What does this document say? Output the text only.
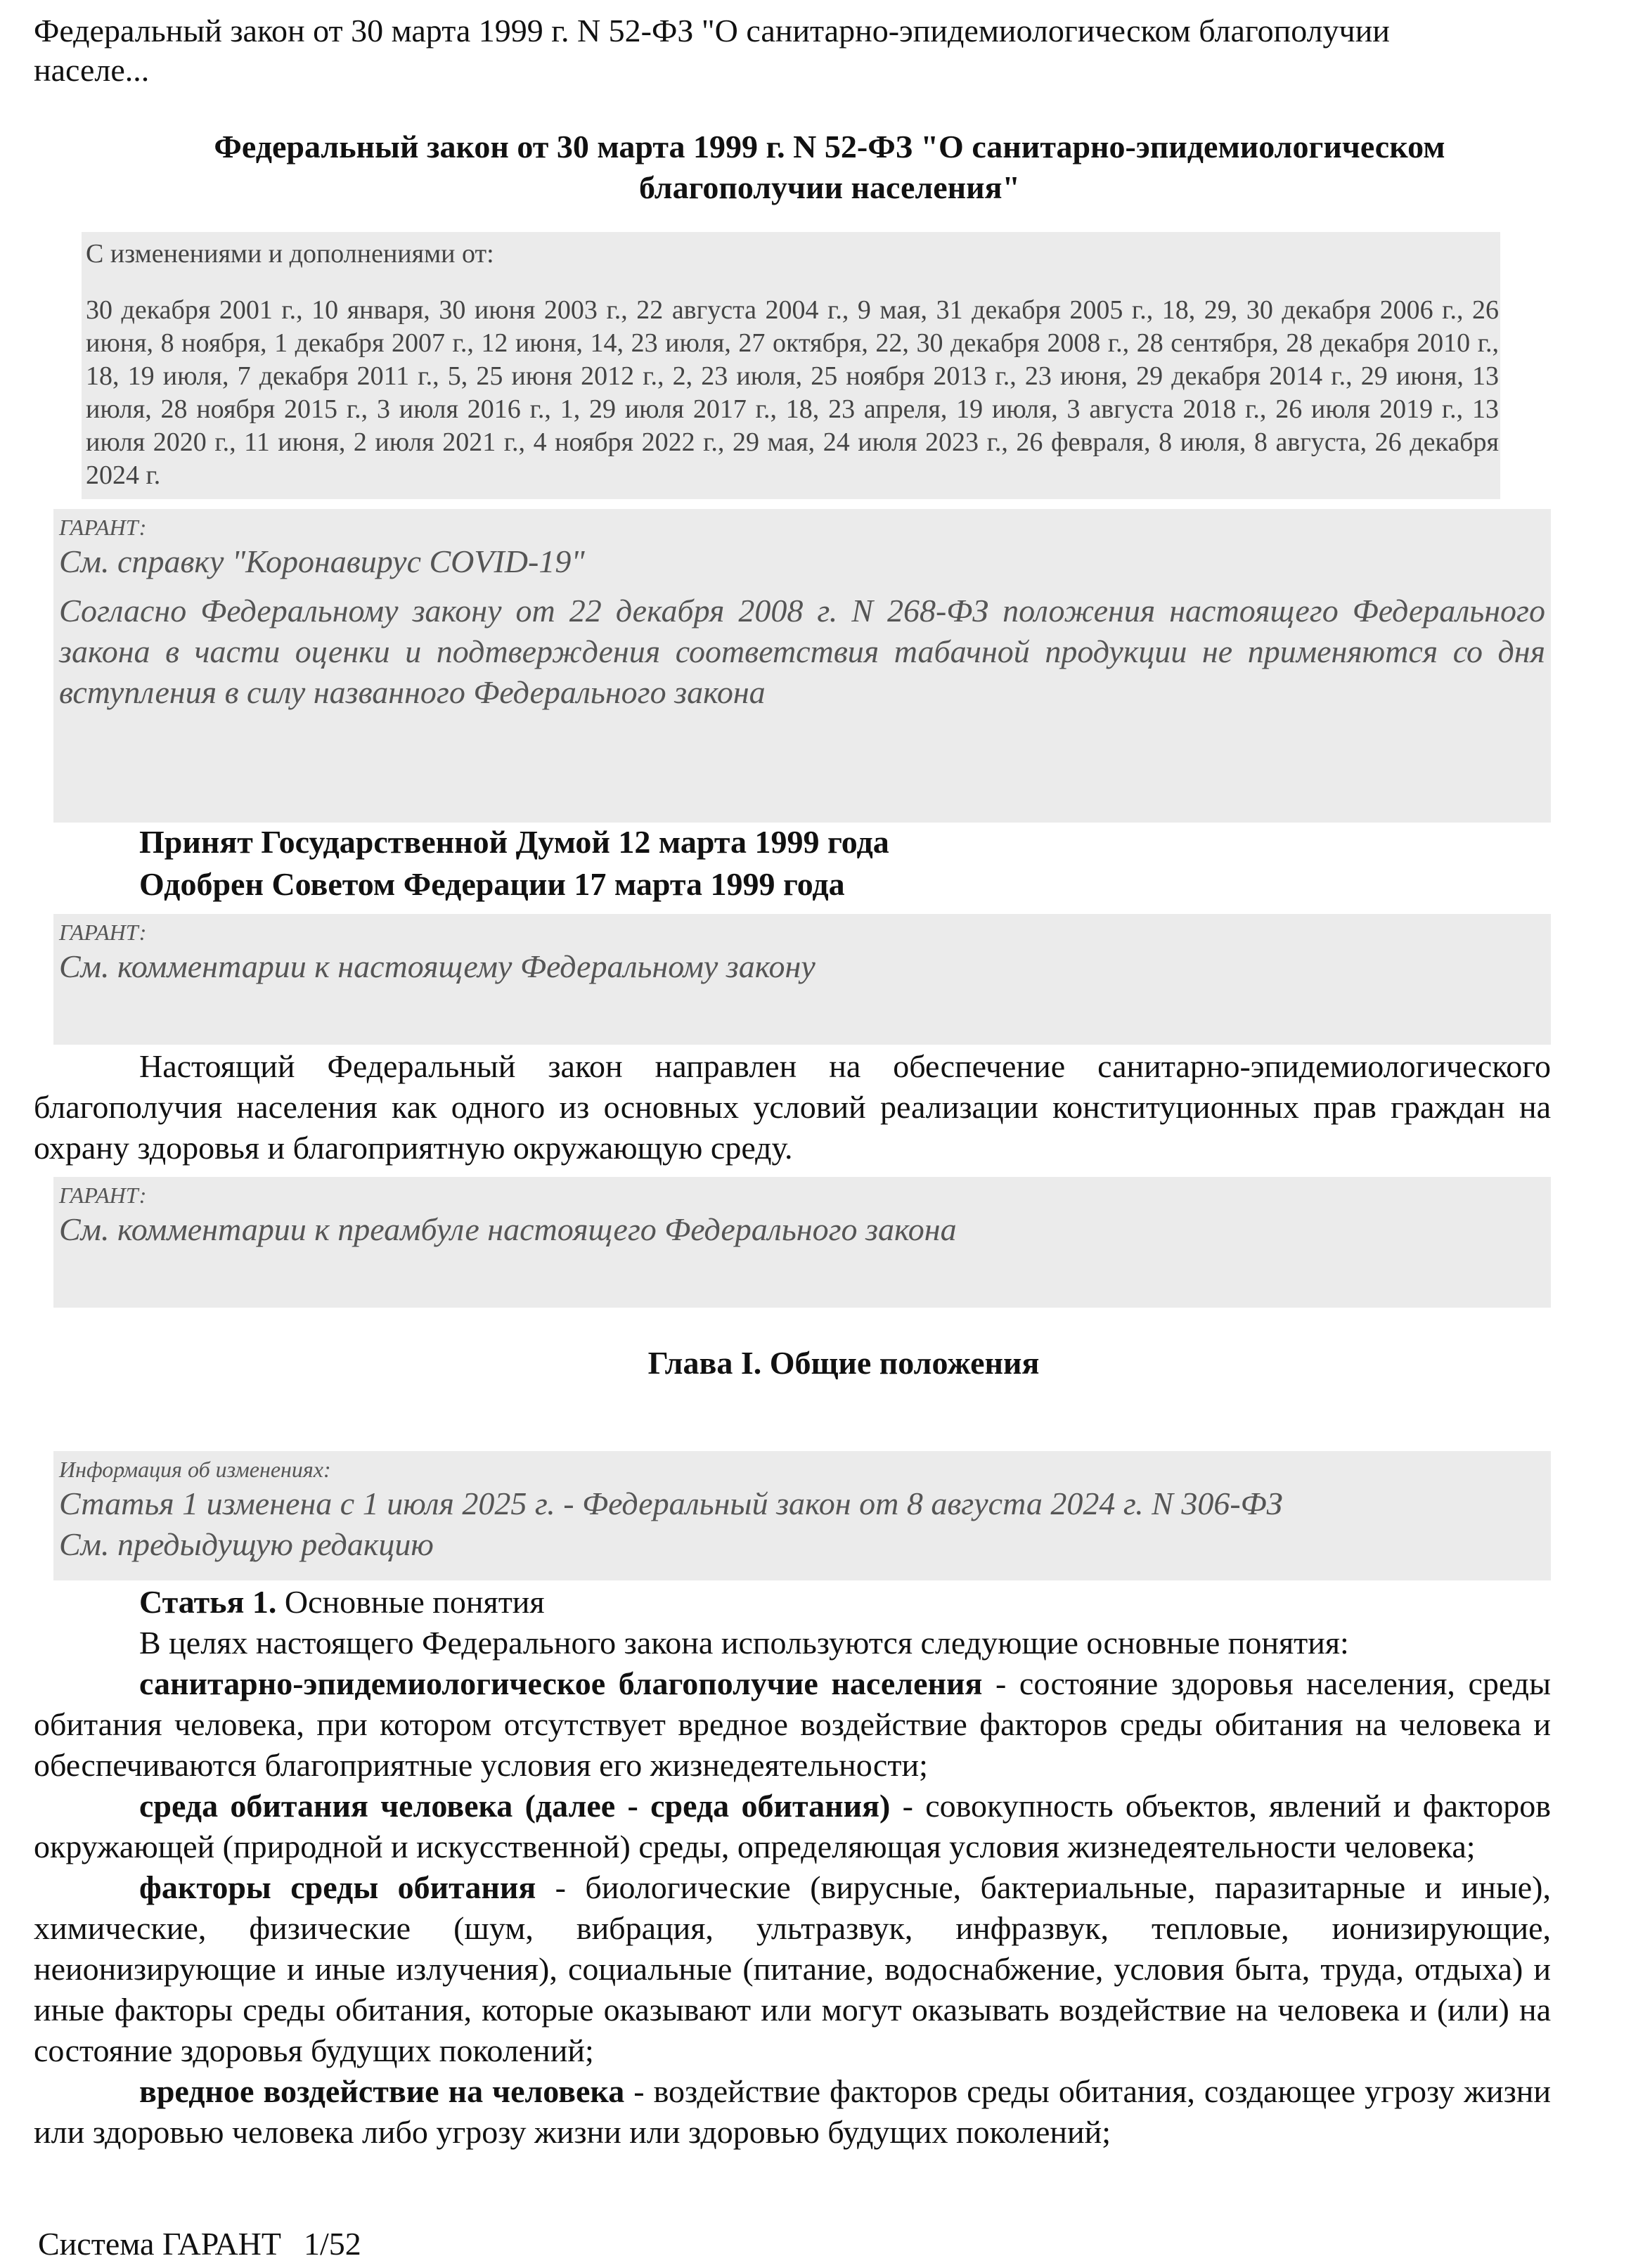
Федеральный закон от 30 марта 1999 г. N 52-ФЗ "О санитарно-эпидемиологическом благополучии
населе...
Федеральный закон от 30 марта 1999 г. N 52-ФЗ "О санитарно-эпидемиологическом
благополучии населения"
С изменениями и дополнениями от:
30 декабря 2001 г., 10 января, 30 июня 2003 г., 22 августа 2004 г., 9 мая, 31 декабря 2005 г., 18, 29, 30 декабря 2006 г., 26 июня, 8 ноября, 1 декабря 2007 г., 12 июня, 14, 23 июля, 27 октября, 22, 30 декабря 2008 г., 28 сентября, 28 декабря 2010 г., 18, 19 июля, 7 декабря 2011 г., 5, 25 июня 2012 г., 2, 23 июля, 25 ноября 2013 г., 23 июня, 29 декабря 2014 г., 29 июня, 13 июля, 28 ноября 2015 г., 3 июля 2016 г., 1, 29 июля 2017 г., 18, 23 апреля, 19 июля, 3 августа 2018 г., 26 июля 2019 г., 13 июля 2020 г., 11 июня, 2 июля 2021 г., 4 ноября 2022 г., 29 мая, 24 июля 2023 г., 26 февраля, 8 июля, 8 августа, 26 декабря 2024 г.
ГАРАНТ:
См. справку "Коронавирус COVID-19"
Согласно Федеральному закону от 22 декабря 2008 г. N 268-ФЗ положения настоящего Федерального закона в части оценки и подтверждения соответствия табачной продукции не применяются со дня вступления в силу названного Федерального закона
Принят Государственной Думой 12 марта 1999 года
Одобрен Советом Федерации 17 марта 1999 года
ГАРАНТ:
См. комментарии к настоящему Федеральному закону
Настоящий Федеральный закон направлен на обеспечение санитарно-эпидемиологического благополучия населения как одного из основных условий реализации конституционных прав граждан на охрану здоровья и благоприятную окружающую среду.
ГАРАНТ:
См. комментарии к преамбуле настоящего Федерального закона
Глава I. Общие положения
Информация об изменениях:
Статья 1 изменена с 1 июля 2025 г. - Федеральный закон от 8 августа 2024 г. N 306-ФЗ
См. предыдущую редакцию

Статья 1. Основные понятия

В целях настоящего Федерального закона используются следующие основные понятия:

санитарно-эпидемиологическое благополучие населения - состояние здоровья населения, среды обитания человека, при котором отсутствует вредное воздействие факторов среды обитания на человека и обеспечиваются благоприятные условия его жизнедеятельности;

среда обитания человека (далее - среда обитания) - совокупность объектов, явлений и факторов окружающей (природной и искусственной) среды, определяющая условия жизнедеятельности человека;

факторы среды обитания - биологические (вирусные, бактериальные, паразитарные и иные), химические, физические (шум, вибрация, ультразвук, инфразвук, тепловые, ионизирующие, неионизирующие и иные излучения), социальные (питание, водоснабжение, условия быта, труда, отдыха) и иные факторы среды обитания, которые оказывают или могут оказывать воздействие на человека и (или) на состояние здоровья будущих поколений;

вредное воздействие на человека - воздействие факторов среды обитания, создающее угрозу жизни или здоровью человека либо угрозу жизни или здоровью будущих поколений;

Система ГАРАНТ 1/52
